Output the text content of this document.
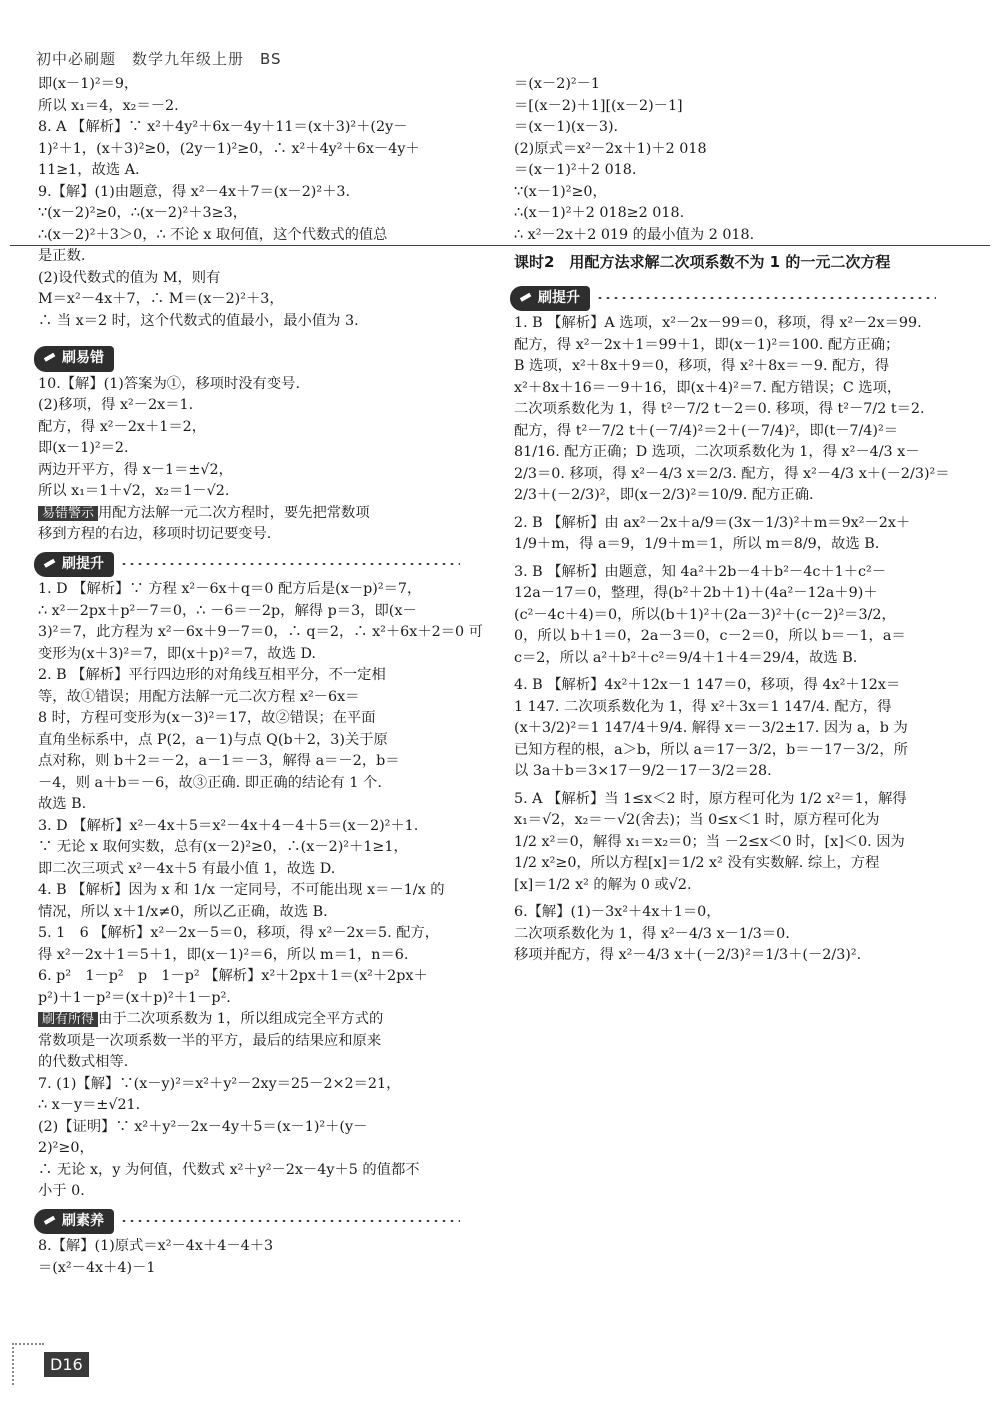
初中必刷题　数学九年级上册　BS

即(x－1)²＝9，

所以 x₁＝4，x₂＝－2.

8. A 【解析】∵ x²＋4y²＋6x－4y＋11＝(x＋3)²＋(2y－

1)²＋1，(x＋3)²≥0，(2y－1)²≥0，∴ x²＋4y²＋6x－4y＋

11≥1，故选 A.

9.【解】(1)由题意，得 x²－4x＋7＝(x－2)²＋3.

∵(x－2)²≥0，∴(x－2)²＋3≥3，

∴(x－2)²＋3＞0，∴ 不论 x 取何值，这个代数式的值总

是正数.

(2)设代数式的值为 M，则有

M＝x²－4x＋7，∴ M＝(x－2)²＋3，

∴ 当 x＝2 时，这个代数式的值最小，最小值为 3.

刷易错

10.【解】(1)答案为①，移项时没有变号.

(2)移项，得 x²－2x＝1.

配方，得 x²－2x＋1＝2，

即(x－1)²＝2.

两边开平方，得 x－1＝±√2，

所以 x₁＝1＋√2，x₂＝1－√2.

易错警示 用配方法解一元二次方程时，要先把常数项

移到方程的右边，移项时切记要变号.

刷提升

1. D 【解析】∵ 方程 x²－6x＋q＝0 配方后是(x－p)²＝7，

∴ x²－2px＋p²－7＝0，∴ －6＝－2p，解得 p＝3，即(x－

3)²＝7，此方程为 x²－6x＋9－7＝0，∴ q＝2，∴ x²＋6x＋2＝0 可

变形为(x＋3)²＝7，即(x＋p)²＝7，故选 D.

2. B 【解析】平行四边形的对角线互相平分，不一定相

等，故①错误；用配方法解一元二次方程 x²－6x＝

8 时，方程可变形为(x－3)²＝17，故②错误；在平面

直角坐标系中，点 P(2，a－1)与点 Q(b＋2，3)关于原

点对称，则 b＋2＝－2，a－1＝－3，解得 a＝－2，b＝

－4，则 a＋b＝－6，故③正确. 即正确的结论有 1 个.

故选 B.

3. D 【解析】x²－4x＋5＝x²－4x＋4－4＋5＝(x－2)²＋1.

∵ 无论 x 取何实数，总有(x－2)²≥0，∴(x－2)²＋1≥1，

即二次三项式 x²－4x＋5 有最小值 1，故选 D.

4. B 【解析】因为 x 和 1/x 一定同号，不可能出现 x＝－1/x 的

情况，所以 x＋1/x≠0，所以乙正确，故选 B.

5. 1　6 【解析】x²－2x－5＝0，移项，得 x²－2x＝5. 配方，

得 x²－2x＋1＝5＋1，即(x－1)²＝6，所以 m＝1，n＝6.

6. p²　1－p²　p　1－p² 【解析】x²＋2px＋1＝(x²＋2px＋

p²)＋1－p²＝(x＋p)²＋1－p².

刷有所得 由于二次项系数为 1，所以组成完全平方式的

常数项是一次项系数一半的平方，最后的结果应和原来

的代数式相等.

7. (1)【解】∵(x－y)²＝x²＋y²－2xy＝25－2×2＝21，

∴ x－y＝±√21.

(2)【证明】∵ x²＋y²－2x－4y＋5＝(x－1)²＋(y－

2)²≥0，

∴ 无论 x，y 为何值，代数式 x²＋y²－2x－4y＋5 的值都不

小于 0.

刷素养

8.【解】(1)原式＝x²－4x＋4－4＋3

＝(x²－4x＋4)－1

＝(x－2)²－1

＝[(x－2)＋1][(x－2)－1]

＝(x－1)(x－3).

(2)原式＝x²－2x＋1)＋2 018

＝(x－1)²＋2 018.

∵(x－1)²≥0，

∴(x－1)²＋2 018≥2 018.

∴ x²－2x＋2 019 的最小值为 2 018.

课时2　用配方法求解二次项系数不为 1 的一元二次方程
刷提升

1. B 【解析】A 选项，x²－2x－99＝0，移项，得 x²－2x＝99.

配方，得 x²－2x＋1＝99＋1，即(x－1)²＝100. 配方正确；

B 选项，x²＋8x＋9＝0，移项，得 x²＋8x＝－9. 配方，得

x²＋8x＋16＝－9＋16，即(x＋4)²＝7. 配方错误；C 选项，

二次项系数化为 1，得 t²－7/2 t－2＝0. 移项，得 t²－7/2 t＝2.

配方，得 t²－7/2 t＋(－7/4)²＝2＋(－7/4)²，即(t－7/4)²＝

81/16. 配方正确；D 选项，二次项系数化为 1，得 x²－4/3 x－

2/3＝0. 移项，得 x²－4/3 x＝2/3. 配方，得 x²－4/3 x＋(－2/3)²＝

2/3＋(－2/3)²，即(x－2/3)²＝10/9. 配方正确.

2. B 【解析】由 ax²－2x＋a/9＝(3x－1/3)²＋m＝9x²－2x＋

1/9＋m，得 a＝9，1/9＋m＝1，所以 m＝8/9，故选 B.

3. B 【解析】由题意，知 4a²＋2b－4＋b²－4c＋1＋c²－

12a－17＝0，整理，得(b²＋2b＋1)＋(4a²－12a＋9)＋

(c²－4c＋4)＝0，所以(b＋1)²＋(2a－3)²＋(c－2)²＝3/2，

0，所以 b＋1＝0，2a－3＝0，c－2＝0，所以 b＝－1，a＝

c＝2，所以 a²＋b²＋c²＝9/4＋1＋4＝29/4，故选 B.

4. B 【解析】4x²＋12x－1 147＝0，移项，得 4x²＋12x＝

1 147. 二次项系数化为 1，得 x²＋3x＝1 147/4. 配方，得

(x＋3/2)²＝1 147/4＋9/4. 解得 x＝－3/2±17. 因为 a，b 为

已知方程的根，a＞b，所以 a＝17－3/2，b＝－17－3/2，所

以 3a＋b＝3×17－9/2－17－3/2＝28.

5. A 【解析】当 1≤x＜2 时，原方程可化为 1/2 x²＝1，解得

x₁＝√2，x₂＝－√2(舍去)；当 0≤x＜1 时，原方程可化为

1/2 x²＝0，解得 x₁＝x₂＝0；当 －2≤x＜0 时，[x]＜0. 因为

1/2 x²≥0，所以方程[x]＝1/2 x² 没有实数解. 综上，方程

[x]＝1/2 x² 的解为 0 或√2.

6.【解】(1)－3x²＋4x＋1＝0，

二次项系数化为 1，得 x²－4/3 x－1/3＝0.

移项并配方，得 x²－4/3 x＋(－2/3)²＝1/3＋(－2/3)².

D16
